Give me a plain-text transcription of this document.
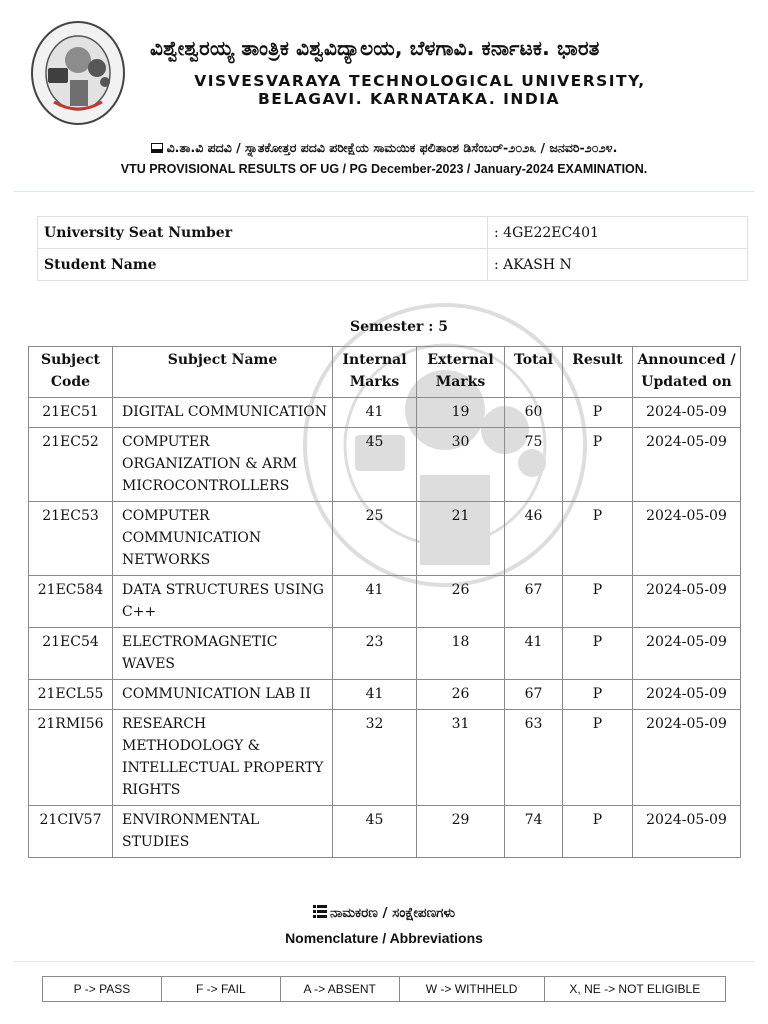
ವಿಶ್ವೇಶ್ವರಯ್ಯ ತಾಂತ್ರಿಕ ವಿಶ್ವವಿದ್ಯಾಲಯ, ಬೆಳಗಾವಿ. ಕರ್ನಾಟಕ. ಭಾರತ
VISVESVARAYA TECHNOLOGICAL UNIVERSITY,
BELAGAVI. KARNATAKA. INDIA
ವಿ.ತಾ.ವಿ ಪದವಿ / ಸ್ನಾತಕೋತ್ತರ ಪದವಿ ಪರೀಕ್ಷೆಯ ಸಾಮಯಿಕ ಫಲಿತಾಂಶ ಡಿಸೆಂಬರ್-೨೦೨೩ / ಜನವರಿ-೨೦೨೪.
VTU PROVISIONAL RESULTS OF UG / PG December-2023 / January-2024 EXAMINATION.
University Seat Number	: 4GE22EC401
Student Name	: AKASH N
Semester : 5
Subject Code	Subject Name	Internal Marks	External Marks	Total	Result	Announced / Updated on
21EC51	DIGITAL COMMUNICATION	41	19	60	P	2024-05-09
21EC52	COMPUTER ORGANIZATION & ARM MICROCONTROLLERS	45	30	75	P	2024-05-09
21EC53	COMPUTER COMMUNICATION NETWORKS	25	21	46	P	2024-05-09
21EC584	DATA STRUCTURES USING C++	41	26	67	P	2024-05-09
21EC54	ELECTROMAGNETIC WAVES	23	18	41	P	2024-05-09
21ECL55	COMMUNICATION LAB II	41	26	67	P	2024-05-09
21RMI56	RESEARCH METHODOLOGY & INTELLECTUAL PROPERTY RIGHTS	32	31	63	P	2024-05-09
21CIV57	ENVIRONMENTAL STUDIES	45	29	74	P	2024-05-09
ನಾಮಕರಣ / ಸಂಕ್ಷೇಪಣಗಳು
Nomenclature / Abbreviations
P -> PASS	F -> FAIL	A -> ABSENT	W -> WITHHELD	X, NE -> NOT ELIGIBLE
